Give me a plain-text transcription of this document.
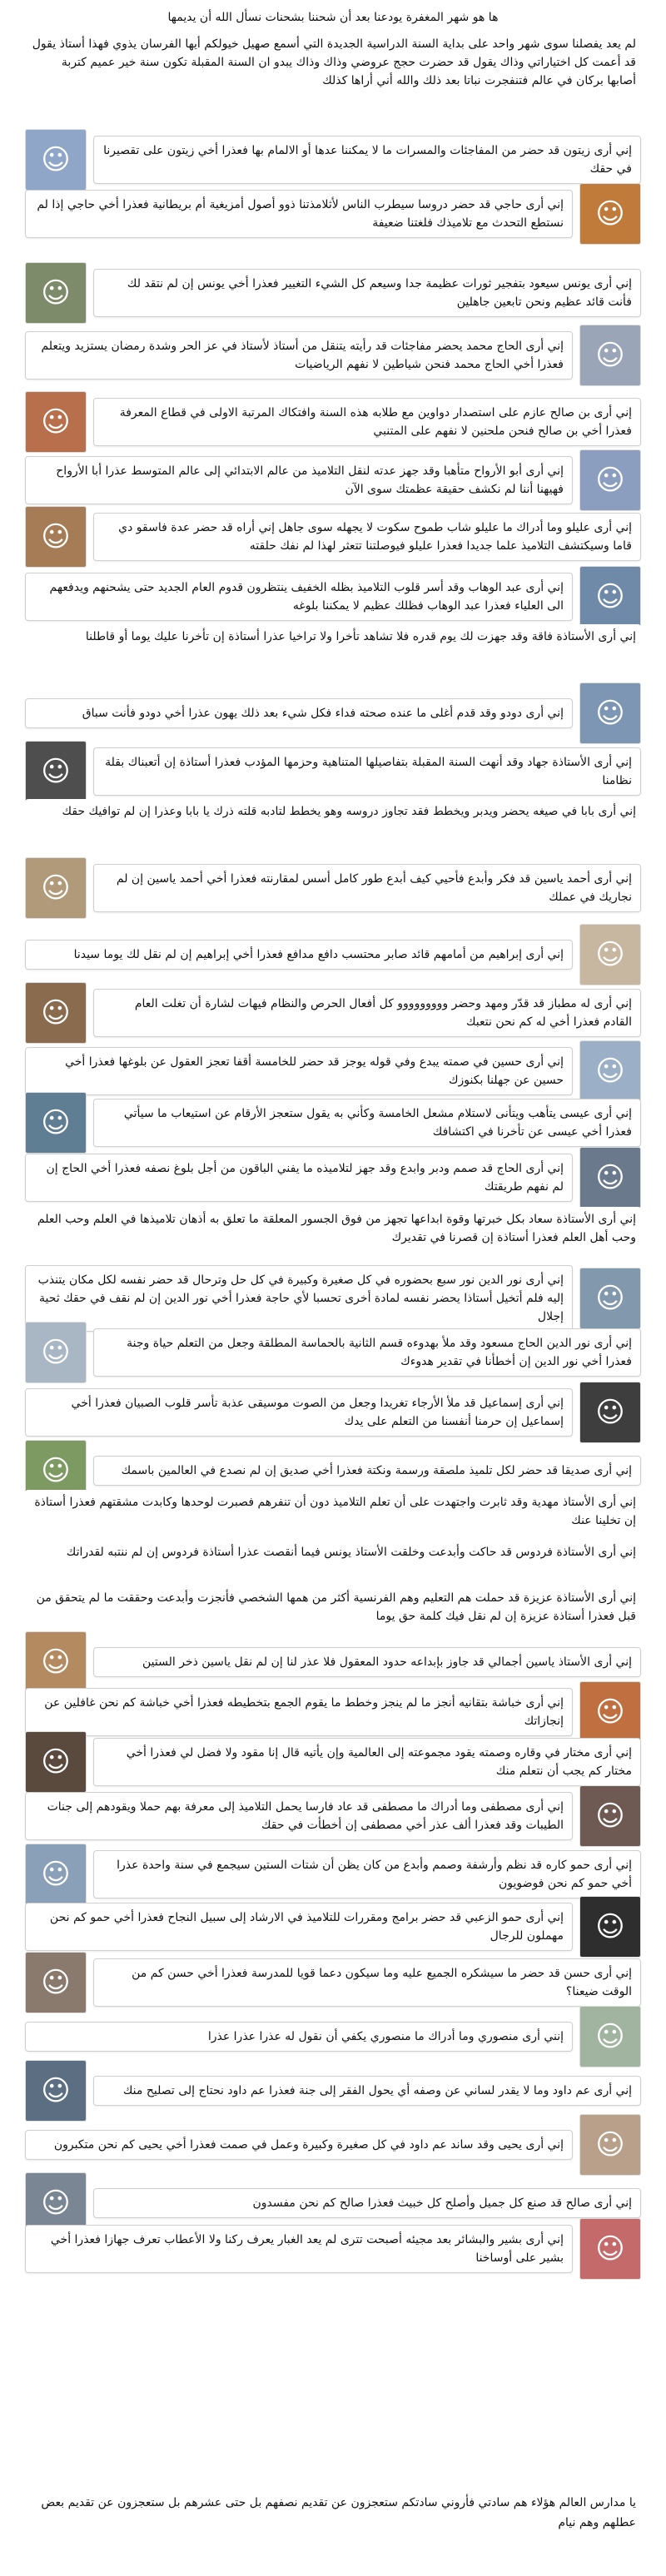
ها هو شهر المغفرة يودعنا بعد أن شحننا بشحنات نسأل الله أن يديمها

لم يعد يفصلنا سوى شهر واحد على بداية السنة الدراسية الجديدة التي أسمع صهيل خيولكم أيها الفرسان يذوي فهذا أستاذ يقول قد أعمت كل اختياراتي وذاك يقول قد حضرت حجج عروضي وذاك وذاك يبدو ان السنة المقبلة تكون سنة خير عميم كتربة أصابها بركان في عالم فتنفجرت نباتا بعد ذلك والله أني أراها كذلك

إني أرى زيتون قد حضر من المفاجئات والمسرات ما لا يمكننا عدها أو الالمام بها فعذرا أخي زيتون على تقصيرنا في حقك
☺
إني أرى حاجي قد حضر دروسا سيطرب الناس لأثلامذتنا ذوو أصول أمزيغية أم بريطانية فعذرا أخي حاجي إذا لم نستطع التحدث مع تلاميذك فلغتنا ضعيفة	☺
إني أرى يونس سيعود بتفجير ثورات عظيمة جدا وسيعم كل الشيء التغيير فعذرا أخي يونس إن لم نتقد لك فأنت قائد عظيم ونحن تابعين جاهلين
☺
إني أرى الحاج محمد يحضر مفاجئات قد رأيته يتنقل من أستاذ لأستاذ في عز الحر وشدة رمضان يستزيد ويتعلم فعذرا أخي الحاج محمد فنحن شياطين لا نفهم الرياضيات	☺
إني أرى بن صالح عازم على استصدار دواوين مع طلابه هذه السنة وافتكاك المرتبة الاولى في قطاع المعرفة فعذرا أخي بن صالح فنحن ملحنين لا نفهم على المتنبي
☺
إني أرى أبو الأرواح متأهبا وقد جهز عدته لنقل التلاميذ من عالم الابتدائي إلى عالم المتوسط عذرا أبا الأرواح فهيهنا أننا لم نكشف حقيقة عظمتك سوى الآن	☺
إني أرى عليلو وما أدراك ما عليلو شاب طموح سكوت لا يجهله سوى جاهل إني أراه قد حضر عدة فاسقو دي قاما وسيكتشف التلاميذ علما جديدا فعذرا عليلو فيوصلتنا تتعثر لهذا لم نفك حلقته
☺
إني أرى عبد الوهاب وقد أسر قلوب التلاميذ بظله الخفيف ينتظرون قدوم العام الجديد حتى يشحنهم ويدفعهم الى العلياء فعذرا عبد الوهاب فظلك عظيم لا يمكننا بلوغه	☺
إني أرى الأستاذة فاقة وقد جهزت لك يوم قدره فلا تشاهد تأخرا ولا تراخيا عذرا أستاذة إن تأخرنا عليك يوما أو قاطلنا
إني أرى دودو وقد قدم أغلى ما عنده صحته فداء فكل شيء بعد ذلك يهون عذرا أخي دودو فأنت سباق	☺
إني أرى الأستاذة جهاد وقد أنهت السنة المقبلة بتفاصيلها المتناهية وحزمها المؤدب فعذرا أستاذة إن أتعبناك بقلة نظامنا
☺
إني أرى بابا في صيغه يحضر ويدبر ويخطط فقد تجاوز دروسه وهو يخطط لتادبه قلته ذرك يا بابا وعذرا إن لم توافيك حقك
إني أرى أحمد ياسين قد فكر وأبدع فأحيي كيف أبدع طور كامل أسس لمقارنته فعذرا أخي أحمد ياسين إن لم نجاريك في عملك
☺
إني أرى إبراهيم من أمامهم قائد صابر محتسب دافع مدافع فعذرا أخي إبراهيم إن لم نقل لك يوما سيدنا	☺
إني أرى له مطباز قد قدّر ومهد وحضر ووووووووو كل أفعال الحرص والنظام فيهات لشارة أن تغلت العام القادم فعذرا أخي له كم نحن نتعبك
☺
إني أرى حسين في صمته يبدع وفي قوله يوجز قد حضر للخامسة أقفا تعجز العقول عن بلوغها فعذرا أخي حسين عن جهلنا بكنوزك	☺
إني أرى عيسى يتأهب ويتأنى لاستلام مشعل الخامسة وكأني به يقول ستعجز الأرقام عن استيعاب ما سيأتي فعذرا أخي عيسى عن تأخرنا في اكتشافك
☺
إني أرى الحاج قد صمم ودبر وابدع وقد جهز لتلاميذه ما يفني الباقون من أجل بلوغ نصفه فعذرا أخي الحاج إن لم نفهم طريقتك	☺
إني أرى الأستاذة سعاد بكل خبرتها وقوة ابداعها تجهز من فوق الجسور المعلقة ما تعلق به أذهان تلاميذها في العلم وحب العلم وحب أهل العلم فعذرا أستاذة إن قصرنا في تقديرك
إني أرى نور الدين نور سبع بحضوره في كل صغيرة وكبيرة في كل حل وترحال قد حضر نفسه لكل مكان يتنذب إليه فلم أتخيل أستاذا يحضر نفسه لمادة أخرى تحسبا لأي حاجة فعذرا أخي نور الدين إن لم نقف في حقك ثحية إجلال
☺
إني أرى نور الدين الحاج مسعود وقد ملأ بهدوءه قسم الثانية بالحماسة المطلقة وجعل من التعلم حياة وجنة فعذرا أخي نور الدين إن أخطأنا في تقدير هدوءك
☺
إني أرى إسماعيل قد ملأ الأرجاء تغريدا وجعل من الصوت موسيقى عذبة تأسر قلوب الصبيان فعذرا أخي إسماعيل إن حرمنا أنفسنا من التعلم على يدك	☺
إني أرى صديقا قد حضر لكل تلميذ ملصقة ورسمة ونكتة فعذرا أخي صديق إن لم نصدع في العالمين باسمك
☺
إني أرى الأستاذ مهدية وقد ثابرت واجتهدت على أن تعلم التلاميذ دون أن تنفرهم فصبرت لوحدها وكابدت مشقتهم فعذرا أستاذة إن تخلينا عنك
إني أرى الأستاذة فردوس قد حاكت وأبدعت وخلقت الأستاذ يونس فيما أنقصت عذرا أستاذة فردوس إن لم ننتبه لقدراتك
إني أرى الأستاذة عزيزة قد حملت هم التعليم وهم الفرنسية أكثر من همها الشخصي فأنجزت وأبدعت وحققت ما لم يتحقق من قبل فعذرا أستاذة عزيزة إن لم نقل فيك كلمة حق يوما
إني أرى الأستاذ ياسين أجمالي قد جاوز بإبداعه حدود المعقول فلا عذر لنا إن لم نقل ياسين ذخر الستين
☺
إني أرى خباشة بتقانيه أنجز ما لم ينجز وخطط ما يقوم الجمع بتخطيطه فعذرا أخي خباشة كم نحن غافلين عن إنجازاتك	☺
إني أرى مختار في وقاره وصمته يقود مجموعته إلى العالمية وإن يأتيه قال إنا مقود ولا فضل لي فعذرا أخي مختار كم يجب أن نتعلم منك
☺
إني أرى مصطفى وما أدراك ما مصطفى قد عاد فارسا يحمل التلاميذ إلى معرفة بهم حملا ويقودهم إلى جنات الطيبات وقد فعذرا ألف عذر أخي مصطفى إن أخطأت في حقك	☺
إني أرى حمو كاره قد نظم وأرشفة وصمم وأبدع من كان يظن أن شتات الستين سيجمع في سنة واحدة عذرا أخي حمو كم نحن فوضويون
☺
إني أرى حمو الزعبي قد حضر برامج ومقررات للتلاميذ في الارشاد إلى سبيل النجاح فعذرا أخي حمو كم نحن مهملون للرجال	☺
إني أرى حسن قد حضر ما سيشكره الجميع عليه وما سيكون دعما قويا للمدرسة فعذرا أخي حسن كم من الوقت ضيعنا؟
☺
إنني أرى منصوري وما أدراك ما منصوري يكفي أن نقول له عذرا عذرا عذرا	☺
إني أرى عم داود وما لا يقدر لساني عن وصفه أي يحول الفقر إلى جنة فعذرا عم داود نحتاج إلى تصليح منك
☺
إني أرى يحيى وقد ساند عم داود في كل صغيرة وكبيرة وعمل في صمت فعذرا أخي يحيى كم نحن متكبرون	☺
إني أرى صالح قد صنع كل جميل وأصلح كل خبيث فعذرا صالح كم نحن مفسدون
☺
إني أرى بشير والبشائر بعد مجيئه أصبحت تترى لم يعد الغبار يعرف ركنا ولا الأعطاب تعرف جهازا فعذرا أخي بشير على أوساخنا	☺
يا مدارس العالم هؤلاء هم سادتي فأروني سادتكم ستعجزون عن تقديم نصفهم بل حتى عشرهم بل ستعجزون عن تقديم بعض عطلهم وهم نيام
